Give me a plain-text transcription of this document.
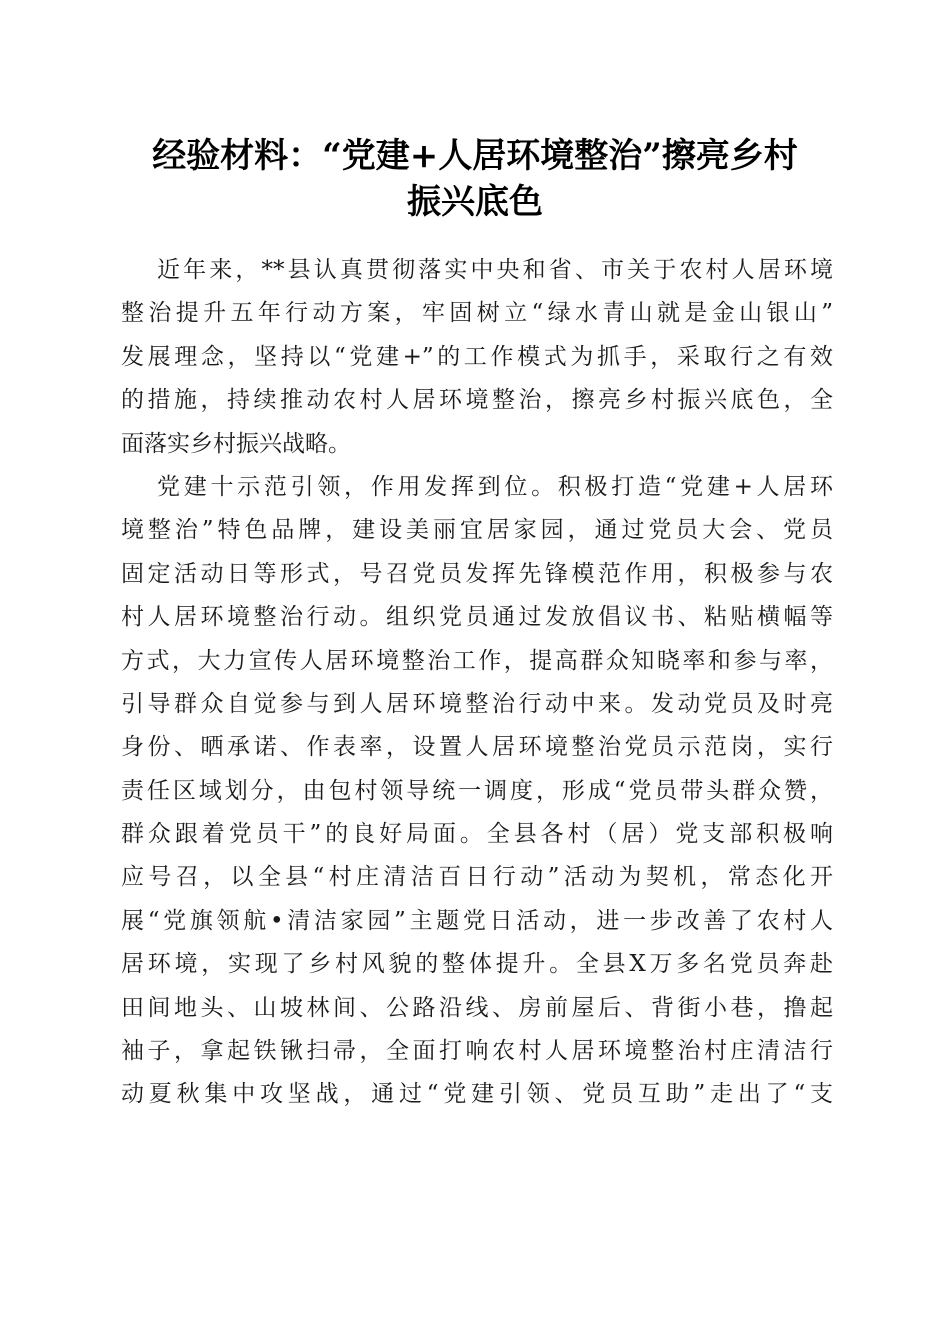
经验材料：“党建+人居环境整治”擦亮乡村
振兴底色
近年来，**县认真贯彻落实中央和省、市关于农村人居环境
整治提升五年行动方案，牢固树立“绿水青山就是金山银山”
发展理念，坚持以“党建+”的工作模式为抓手，采取行之有效
的措施，持续推动农村人居环境整治，擦亮乡村振兴底色，全
面落实乡村振兴战略。
党建十示范引领，作用发挥到位。积极打造“党建+人居环
境整治”特色品牌，建设美丽宜居家园，通过党员大会、党员
固定活动日等形式，号召党员发挥先锋模范作用，积极参与农
村人居环境整治行动。组织党员通过发放倡议书、粘贴横幅等
方式，大力宣传人居环境整治工作，提高群众知晓率和参与率，
引导群众自觉参与到人居环境整治行动中来。发动党员及时亮
身份、晒承诺、作表率，设置人居环境整治党员示范岗，实行
责任区域划分，由包村领导统一调度，形成“党员带头群众赞，
群众跟着党员干”的良好局面。全县各村（居）党支部积极响
应号召，以全县“村庄清洁百日行动”活动为契机，常态化开
展“党旗领航•清洁家园”主题党日活动，进一步改善了农村人
居环境，实现了乡村风貌的整体提升。全县X万多名党员奔赴
田间地头、山坡林间、公路沿线、房前屋后、背街小巷，撸起
袖子，拿起铁锹扫帚，全面打响农村人居环境整治村庄清洁行
动夏秋集中攻坚战，通过“党建引领、党员互助”走出了“支
